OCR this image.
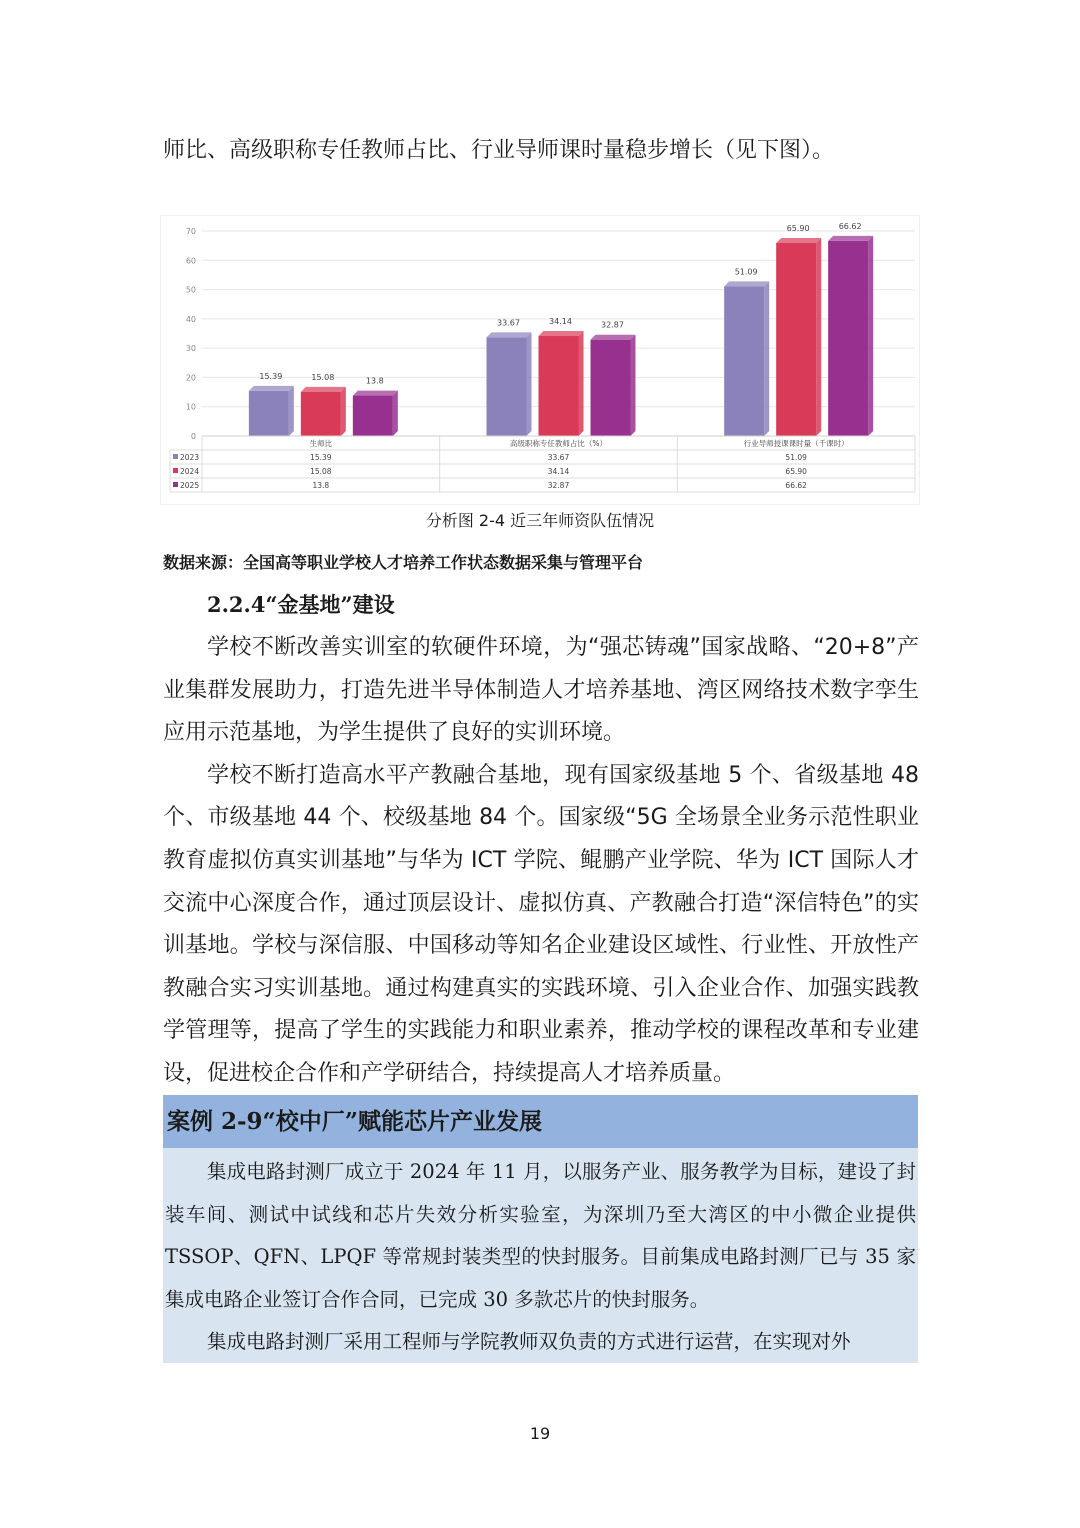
师比、高级职称专任教师占比、行业导师课时量稳步增长（见下图）。

0
10
20
30
40
50
60
70
15.39	15.08	13.8
33.67	34.14	32.87
51.09
65.90	66.62
生师比	高级职称专任教师占比（%）	行业导师授课课时量（千课时）
2023	15.39	33.67	51.09
2024	15.08	34.14	65.90
2025	13.8	32.87	66.62
分析图 2-4 近三年师资队伍情况
数据来源：全国高等职业学校人才培养工作状态数据采集与管理平台
2.2.4“金基地”建设

学校不断改善实训室的软硬件环境，为“强芯铸魂”国家战略、“20+8”产业集群发展助力，打造先进半导体制造人才培养基地、湾区网络技术数字孪生应用示范基地，为学生提供了良好的实训环境。

学校不断打造高水平产教融合基地，现有国家级基地 5 个、省级基地 48 个、市级基地 44 个、校级基地 84 个。国家级“5G 全场景全业务示范性职业教育虚拟仿真实训基地”与华为 ICT 学院、鲲鹏产业学院、华为 ICT 国际人才交流中心深度合作，通过顶层设计、虚拟仿真、产教融合打造“深信特色”的实训基地。学校与深信服、中国移动等知名企业建设区域性、行业性、开放性产教融合实习实训基地。通过构建真实的实践环境、引入企业合作、加强实践教学管理等，提高了学生的实践能力和职业素养，推动学校的课程改革和专业建设，促进校企合作和产学研结合，持续提高人才培养质量。

案例 2-9“校中厂”赋能芯片产业发展

集成电路封测厂成立于 2024 年 11 月，以服务产业、服务教学为目标，建设了封装车间、测试中试线和芯片失效分析实验室，为深圳乃至大湾区的中小微企业提供 TSSOP、QFN、LPQF 等常规封装类型的快封服务。目前集成电路封测厂已与 35 家集成电路企业签订合作合同，已完成 30 多款芯片的快封服务。

集成电路封测厂采用工程师与学院教师双负责的方式进行运营，在实现对外

19
